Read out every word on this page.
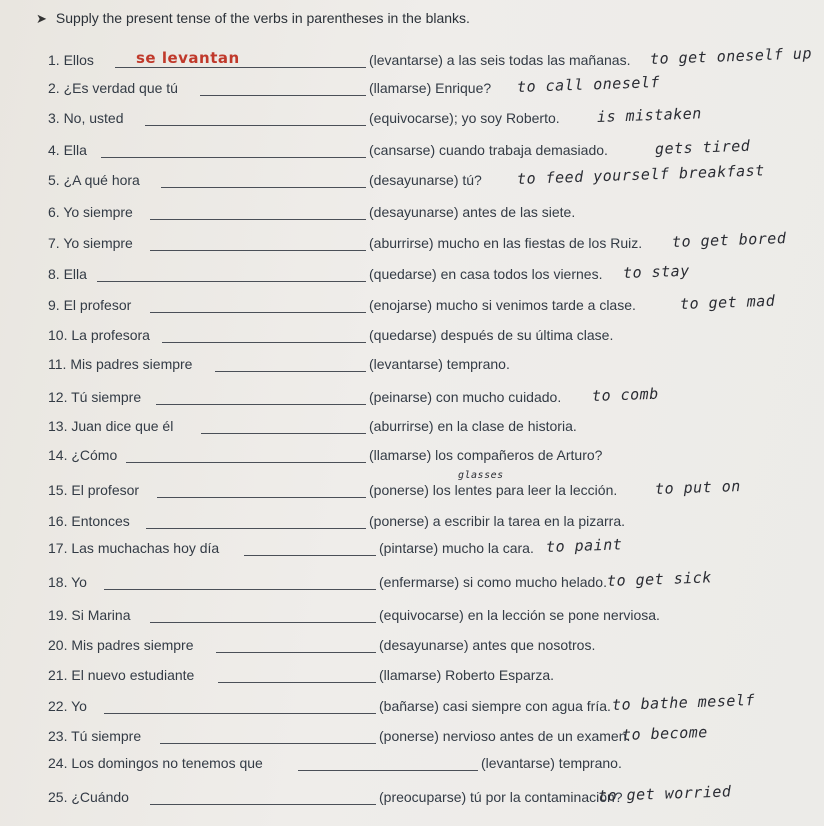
➤ Supply the present tense of the verbs in parentheses in the blanks.
1. Ellos	se levantan	(levantarse) a las seis todas las mañanas. to get oneself up
2. ¿Es verdad que tú	(llamarse) Enrique? to call oneself
3. No, usted	(equivocarse); yo soy Roberto. is mistaken
4. Ella	(cansarse) cuando trabaja demasiado.	gets tired
5. ¿A qué hora	(desayunarse) tú? to feed yourself breakfast
6. Yo siempre	(desayunarse) antes de las siete.
7. Yo siempre	(aburrirse) mucho en las fiestas de los Ruiz. to get bored
8. Ella	(quedarse) en casa todos los viernes. to stay
9. El profesor	(enojarse) mucho si venimos tarde a clase.	to get mad
10. La profesora	(quedarse) después de su última clase.
11. Mis padres siempre	(levantarse) temprano.
12. Tú siempre	(peinarse) con mucho cuidado. to comb
13. Juan dice que él	(aburrirse) en la clase de historia.
14. ¿Cómo	(llamarse) los compañeros de Arturo?
15. El profesor	(ponerse) los lentes para leer la lección. to put on
glasses
16. Entonces	(ponerse) a escribir la tarea en la pizarra.
17. Las muchachas hoy día	(pintarse) mucho la cara. to paint
18. Yo	(enfermarse) si como mucho helado. to get sick
19. Si Marina	(equivocarse) en la lección se pone nerviosa.
20. Mis padres siempre	(desayunarse) antes que nosotros.
21. El nuevo estudiante	(llamarse) Roberto Esparza.
22. Yo	(bañarse) casi siempre con agua fría. to bathe meself
23. Tú siempre	(ponerse) nervioso antes de un examen.
to become
24. Los domingos no tenemos que	(levantarse) temprano.
25. ¿Cuándo	(preocuparse) tú por la contaminación?
to get worried
